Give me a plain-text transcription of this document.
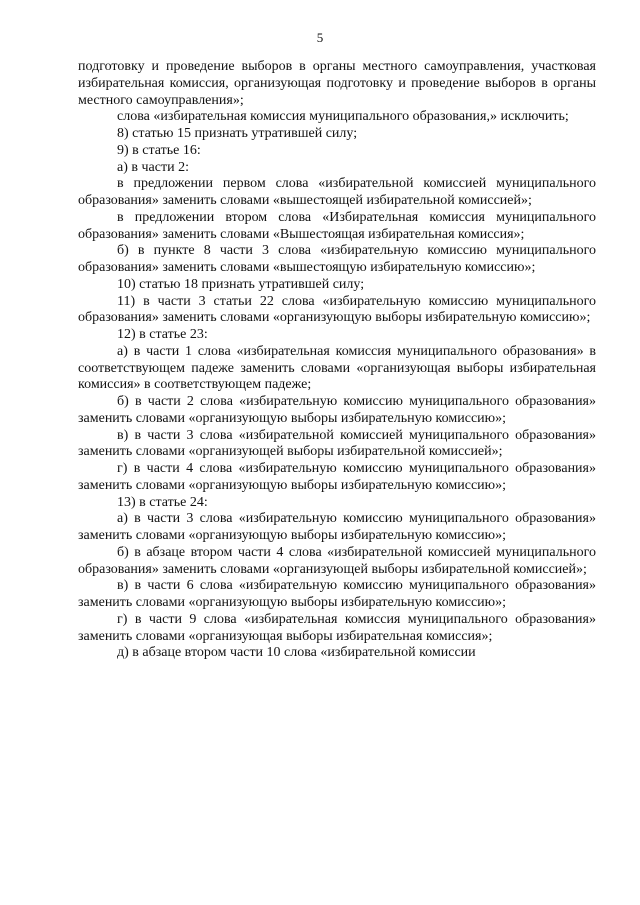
5

подготовку и проведение выборов в органы местного самоуправления, участковая избирательная комиссия, организующая подготовку и проведение выборов в органы местного самоуправления»;

слова «избирательная комиссия муниципального образования,» исключить;

8) статью 15 признать утратившей силу;

9) в статье 16:

а) в части 2:

в предложении первом слова «избирательной комиссией муниципального образования» заменить словами «вышестоящей избирательной комиссией»;

в предложении втором слова «Избирательная комиссия муниципального образования» заменить словами «Вышестоящая избирательная комиссия»;

б) в пункте 8 части 3 слова «избирательную комиссию муниципального образования» заменить словами «вышестоящую избирательную комиссию»;

10) статью 18 признать утратившей силу;

11) в части 3 статьи 22 слова «избирательную комиссию муниципального образования» заменить словами «организующую выборы избирательную комиссию»;

12) в статье 23:

а) в части 1 слова «избирательная комиссия муниципального образования» в соответствующем падеже заменить словами «организующая выборы избирательная комиссия» в соответствующем падеже;

б) в части 2 слова «избирательную комиссию муниципального образования» заменить словами «организующую выборы избирательную комиссию»;

в) в части 3 слова «избирательной комиссией муниципального образования» заменить словами «организующей выборы избирательной комиссией»;

г) в части 4 слова «избирательную комиссию муниципального образования» заменить словами «организующую выборы избирательную комиссию»;

13) в статье 24:

а) в части 3 слова «избирательную комиссию муниципального образования» заменить словами «организующую выборы избирательную комиссию»;

б) в абзаце втором части 4 слова «избирательной комиссией муниципального образования» заменить словами «организующей выборы избирательной комиссией»;

в) в части 6 слова «избирательную комиссию муниципального образования» заменить словами «организующую выборы избирательную комиссию»;

г) в части 9 слова «избирательная комиссия муниципального образования» заменить словами «организующая выборы избирательная комиссия»;

д) в абзаце втором части 10 слова «избирательной комиссии
